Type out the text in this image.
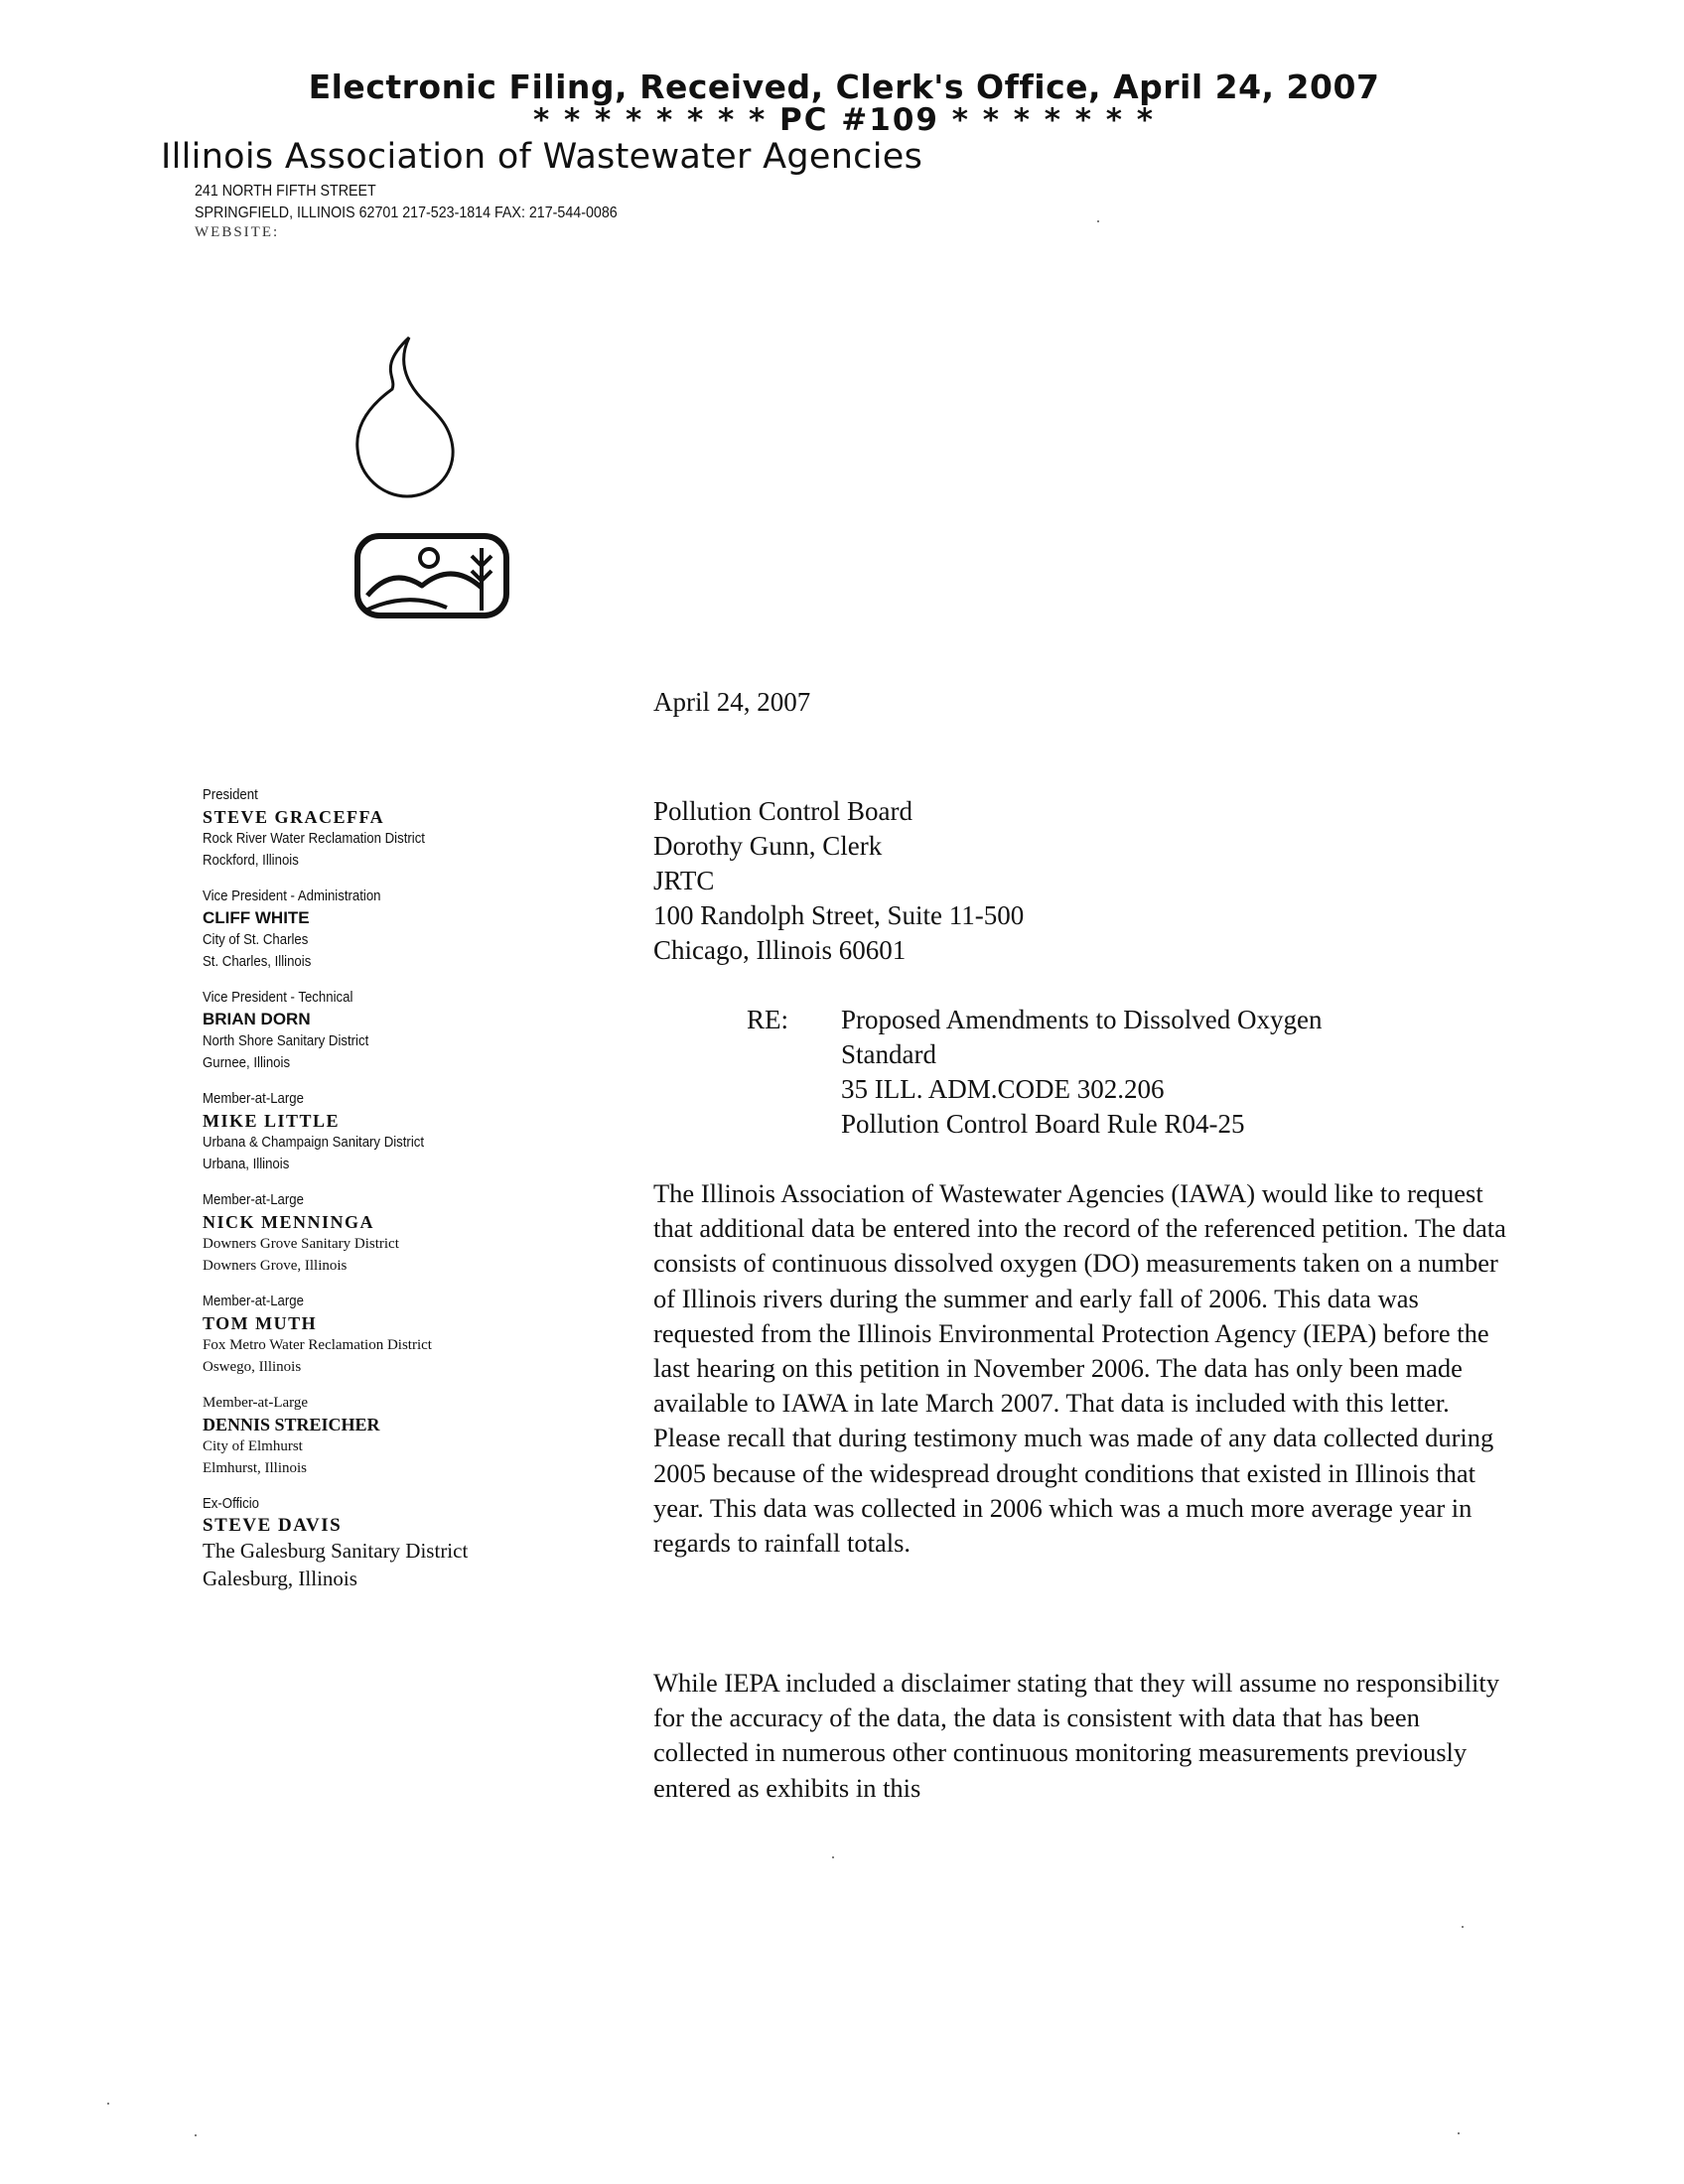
Electronic Filing, Received, Clerk's Office, April 24, 2007
* * * * * * * * PC #109 * * * * * * *
Illinois Association of Wastewater Agencies
241 NORTH FIFTH STREET
SPRINGFIELD, ILLINOIS 62701 217-523-1814 FAX: 217-544-0086
WEBSITE:
President
STEVE GRACEFFA
Rock River Water Reclamation District
Rockford, Illinois
Vice President - Administration
CLIFF WHITE
City of St. Charles
St. Charles, Illinois
Vice President - Technical
BRIAN DORN
North Shore Sanitary District
Gurnee, Illinois
Member-at-Large
MIKE LITTLE
Urbana & Champaign Sanitary District
Urbana, Illinois
Member-at-Large
NICK MENNINGA
Downers Grove Sanitary District
Downers Grove, Illinois
Member-at-Large
TOM MUTH
Fox Metro Water Reclamation District
Oswego, Illinois
Member-at-Large
DENNIS STREICHER
City of Elmhurst
Elmhurst, Illinois
Ex-Officio
STEVE DAVIS
The Galesburg Sanitary District
Galesburg, Illinois
April 24, 2007
Pollution Control Board
Dorothy Gunn, Clerk
JRTC
100 Randolph Street, Suite 11-500
Chicago, Illinois 60601
RE: Proposed Amendments to Dissolved Oxygen
Standard
35 ILL. ADM.CODE 302.206
Pollution Control Board Rule R04-25
The Illinois Association of Wastewater Agencies (IAWA) would like to request that additional data be entered into the record of the referenced petition. The data consists of continuous dissolved oxygen (DO) measurements taken on a number of Illinois rivers during the summer and early fall of 2006. This data was requested from the Illinois Environmental Protection Agency (IEPA) before the last hearing on this petition in November 2006. The data has only been made available to IAWA in late March 2007. That data is included with this letter. Please recall that during testimony much was made of any data collected during 2005 because of the widespread drought conditions that existed in Illinois that year. This data was collected in 2006 which was a much more average year in regards to rainfall totals.
While IEPA included a disclaimer stating that they will assume no responsibility for the accuracy of the data, the data is consistent with data that has been collected in numerous other continuous monitoring measurements previously entered as exhibits in this
